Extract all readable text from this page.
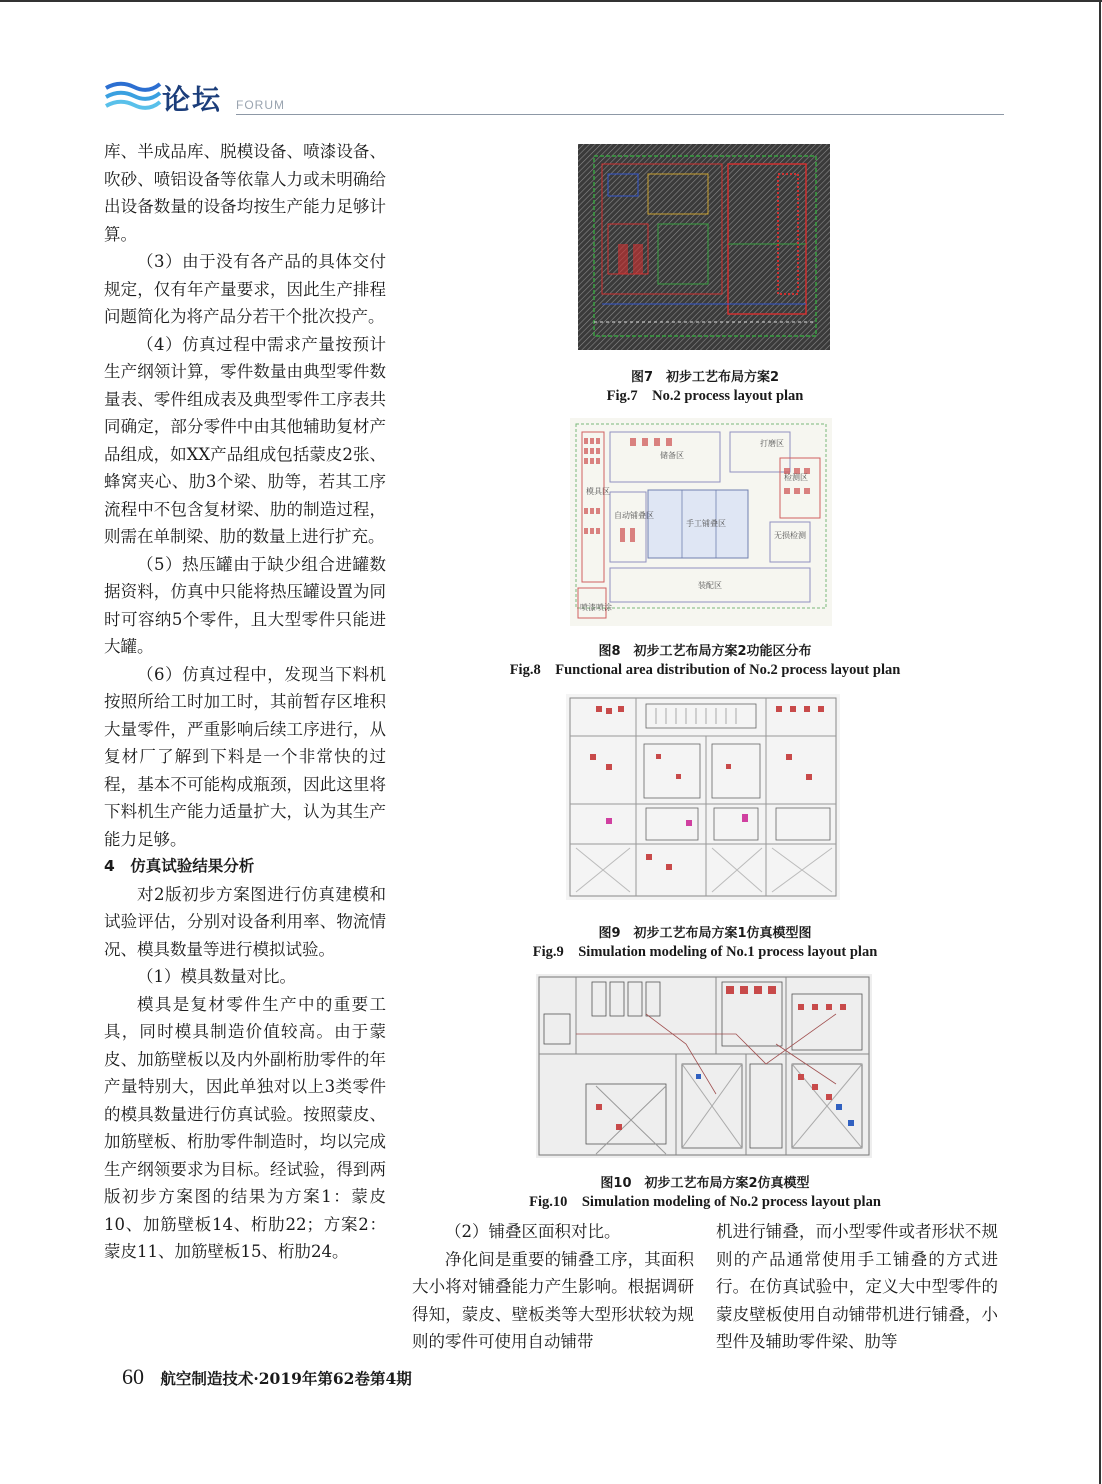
论坛 FORUM

库、半成品库、脱模设备、喷漆设备、吹砂、喷铝设备等依靠人力或未明确给出设备数量的设备均按生产能力足够计算。

（3）由于没有各产品的具体交付规定，仅有年产量要求，因此生产排程问题简化为将产品分若干个批次投产。

（4）仿真过程中需求产量按预计生产纲领计算，零件数量由典型零件数量表、零件组成表及典型零件工序表共同确定，部分零件中由其他辅助复材产品组成，如XX产品组成包括蒙皮2张、蜂窝夹心、肋3个梁、肋等，若其工序流程中不包含复材梁、肋的制造过程，则需在单制梁、肋的数量上进行扩充。

（5）热压罐由于缺少组合进罐数据资料，仿真中只能将热压罐设置为同时可容纳5个零件，且大型零件只能进大罐。

（6）仿真过程中，发现当下料机按照所给工时加工时，其前暂存区堆积大量零件，严重影响后续工序进行，从复材厂了解到下料是一个非常快的过程，基本不可能构成瓶颈，因此这里将下料机生产能力适量扩大，认为其生产能力足够。

4　仿真试验结果分析

对2版初步方案图进行仿真建模和试验评估，分别对设备利用率、物流情况、模具数量等进行模拟试验。

（1）模具数量对比。

模具是复材零件生产中的重要工具，同时模具制造价值较高。由于蒙皮、加筋壁板以及内外副桁肋零件的年产量特别大，因此单独对以上3类零件的模具数量进行仿真试验。按照蒙皮、加筋壁板、桁肋零件制造时，均以完成生产纲领要求为目标。经试验，得到两版初步方案图的结果为方案1：蒙皮10、加筋壁板14、桁肋22；方案2：蒙皮11、加筋壁板15、桁肋24。

图7　初步工艺布局方案2
Fig.7　No.2 process layout plan
储备区
打磨区
检测区
模具区
自动铺叠区
手工铺叠区
无损检测
装配区
喷漆喷涂
图8　初步工艺布局方案2功能区分布
Fig.8　Functional area distribution of No.2 process layout plan
图9　初步工艺布局方案1仿真模型图
Fig.9　Simulation modeling of No.1 process layout plan
图10　初步工艺布局方案2仿真模型
Fig.10　Simulation modeling of No.2 process layout plan

（2）铺叠区面积对比。

净化间是重要的铺叠工序，其面积大小将对铺叠能力产生影响。根据调研得知，蒙皮、壁板类等大型形状较为规则的零件可使用自动铺带

机进行铺叠，而小型零件或者形状不规则的产品通常使用手工铺叠的方式进行。在仿真试验中，定义大中型零件的蒙皮壁板使用自动铺带机进行铺叠，小型件及辅助零件梁、肋等

60 航空制造技术·2019年第62卷第4期
